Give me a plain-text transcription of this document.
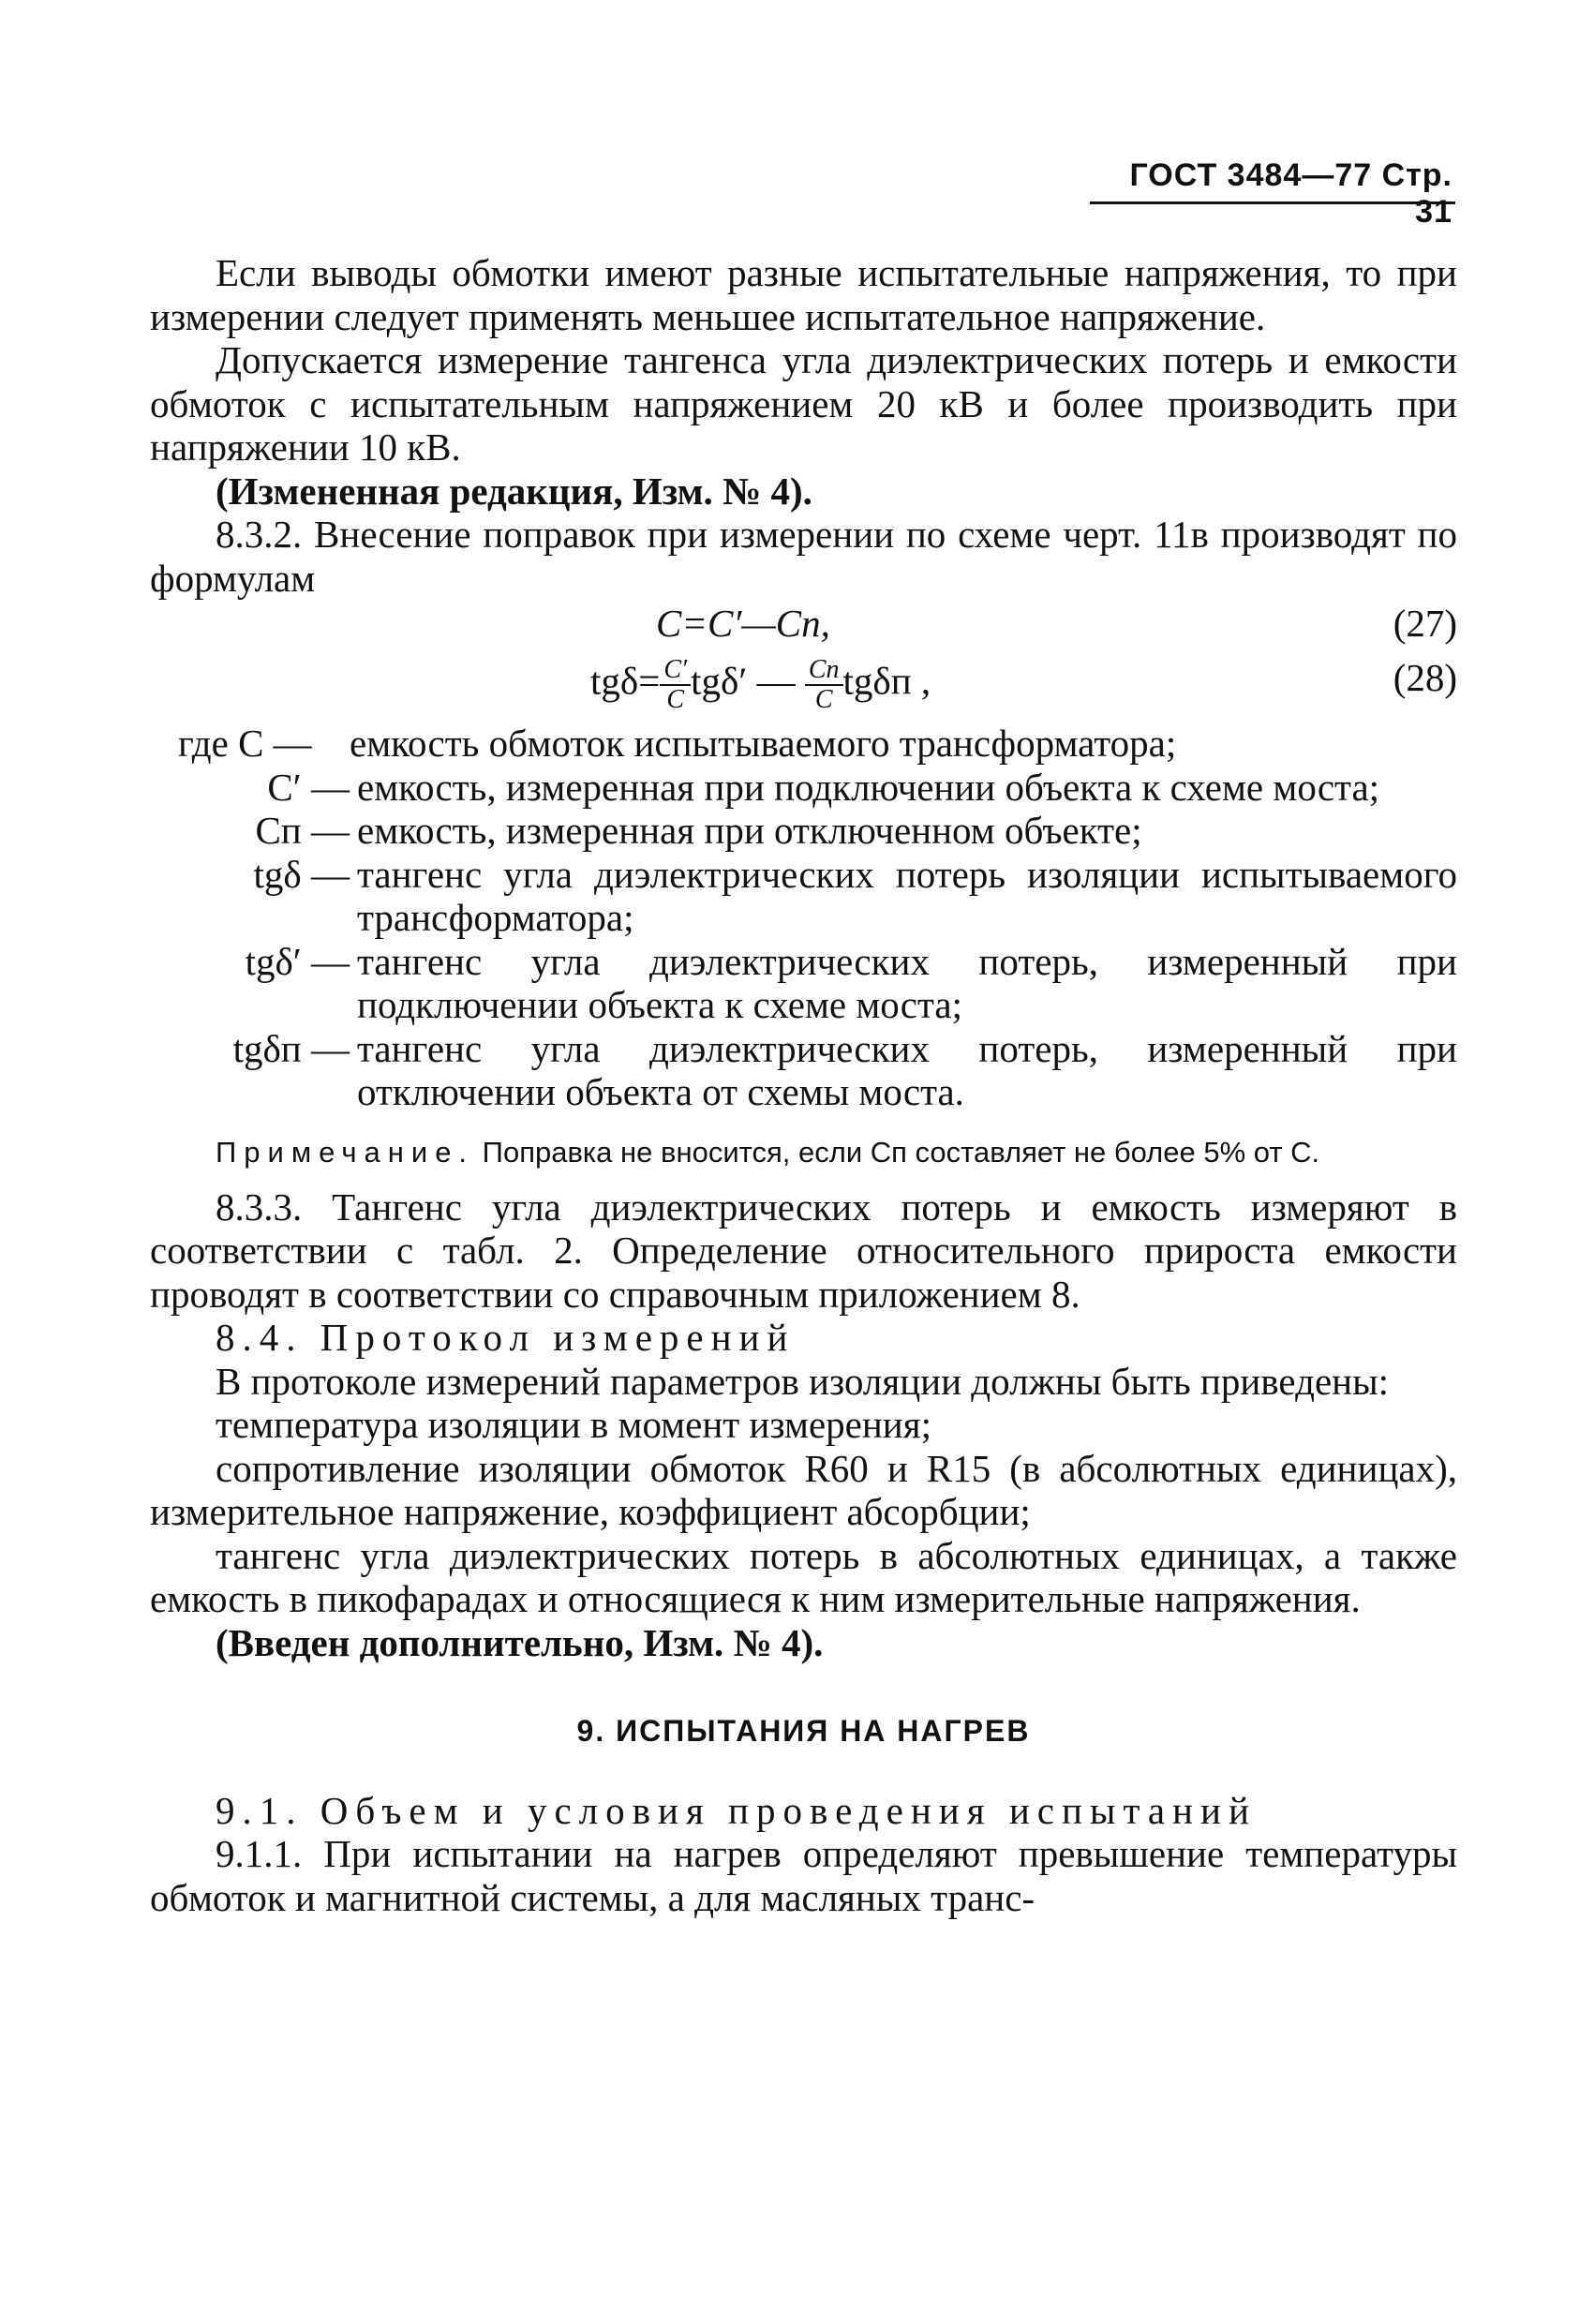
ГОСТ 3484—77 Стр. 31

Если выводы обмотки имеют разные испытательные напряжения, то при измерении следует применять меньшее испытательное напряжение.

Допускается измерение тангенса угла диэлектрических потерь и емкости обмоток с испытательным напряжением 20 кВ и более производить при напряжении 10 кВ.

(Измененная редакция, Изм. № 4).

8.3.2. Внесение поправок при измерении по схеме черт. 11в производят по формулам

C=C′—Cп,	(27)
$tg\delta= \frac{C'}{C} tg\delta'$ — $\frac{Cп}{C}$ tgδп ,	(28)
где C — емкость обмоток испытываемого трансформатора;
C′ — емкость, измеренная при подключении объекта к схеме моста;
Cп — емкость, измеренная при отключенном объекте;
tgδ — тангенс угла диэлектрических потерь изоляции испытываемого трансформатора;
tgδ′ — тангенс угла диэлектрических потерь, измеренный при подключении объекта к схеме моста;
tgδп — тангенс угла диэлектрических потерь, измеренный при отключении объекта от схемы моста.

Примечание. Поправка не вносится, если Cп составляет не более 5% от C.

8.3.3. Тангенс угла диэлектрических потерь и емкость измеряют в соответствии с табл. 2. Определение относительного прироста емкости проводят в соответствии со справочным приложением 8.

8.4. Протокол измерений

В протоколе измерений параметров изоляции должны быть приведены:

температура изоляции в момент измерения;

сопротивление изоляции обмоток R60 и R15 (в абсолютных единицах), измерительное напряжение, коэффициент абсорбции;

тангенс угла диэлектрических потерь в абсолютных единицах, а также емкость в пикофарадах и относящиеся к ним измерительные напряжения.

(Введен дополнительно, Изм. № 4).

9. ИСПЫТАНИЯ НА НАГРЕВ

9.1. Объем и условия проведения испытаний

9.1.1. При испытании на нагрев определяют превышение температуры обмоток и магнитной системы, а для масляных транс-
